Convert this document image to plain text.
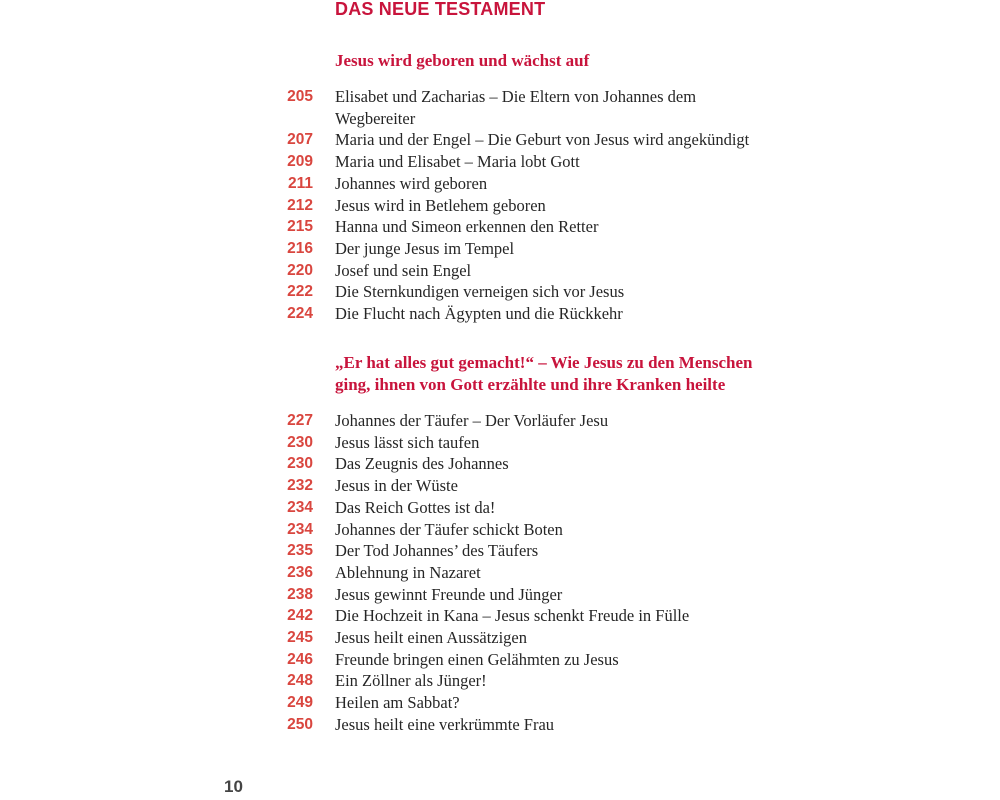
DAS NEUE TESTAMENT
Jesus wird geboren und wächst auf
205 Elisabet und Zacharias – Die Eltern von Johannes dem Wegbereiter
207 Maria und der Engel – Die Geburt von Jesus wird angekündigt
209 Maria und Elisabet – Maria lobt Gott
211 Johannes wird geboren
212 Jesus wird in Betlehem geboren
215 Hanna und Simeon erkennen den Retter
216 Der junge Jesus im Tempel
220 Josef und sein Engel
222 Die Sternkundigen verneigen sich vor Jesus
224 Die Flucht nach Ägypten und die Rückkehr
„Er hat alles gut gemacht!“ – Wie Jesus zu den Menschen
ging, ihnen von Gott erzählte und ihre Kranken heilte
227 Johannes der Täufer – Der Vorläufer Jesu
230 Jesus lässt sich taufen
230 Das Zeugnis des Johannes
232 Jesus in der Wüste
234 Das Reich Gottes ist da!
234 Johannes der Täufer schickt Boten
235 Der Tod Johannes’ des Täufers
236 Ablehnung in Nazaret
238 Jesus gewinnt Freunde und Jünger
242 Die Hochzeit in Kana – Jesus schenkt Freude in Fülle
245 Jesus heilt einen Aussätzigen
246 Freunde bringen einen Gelähmten zu Jesus
248 Ein Zöllner als Jünger!
249 Heilen am Sabbat?
250 Jesus heilt eine verkrümmte Frau
10
